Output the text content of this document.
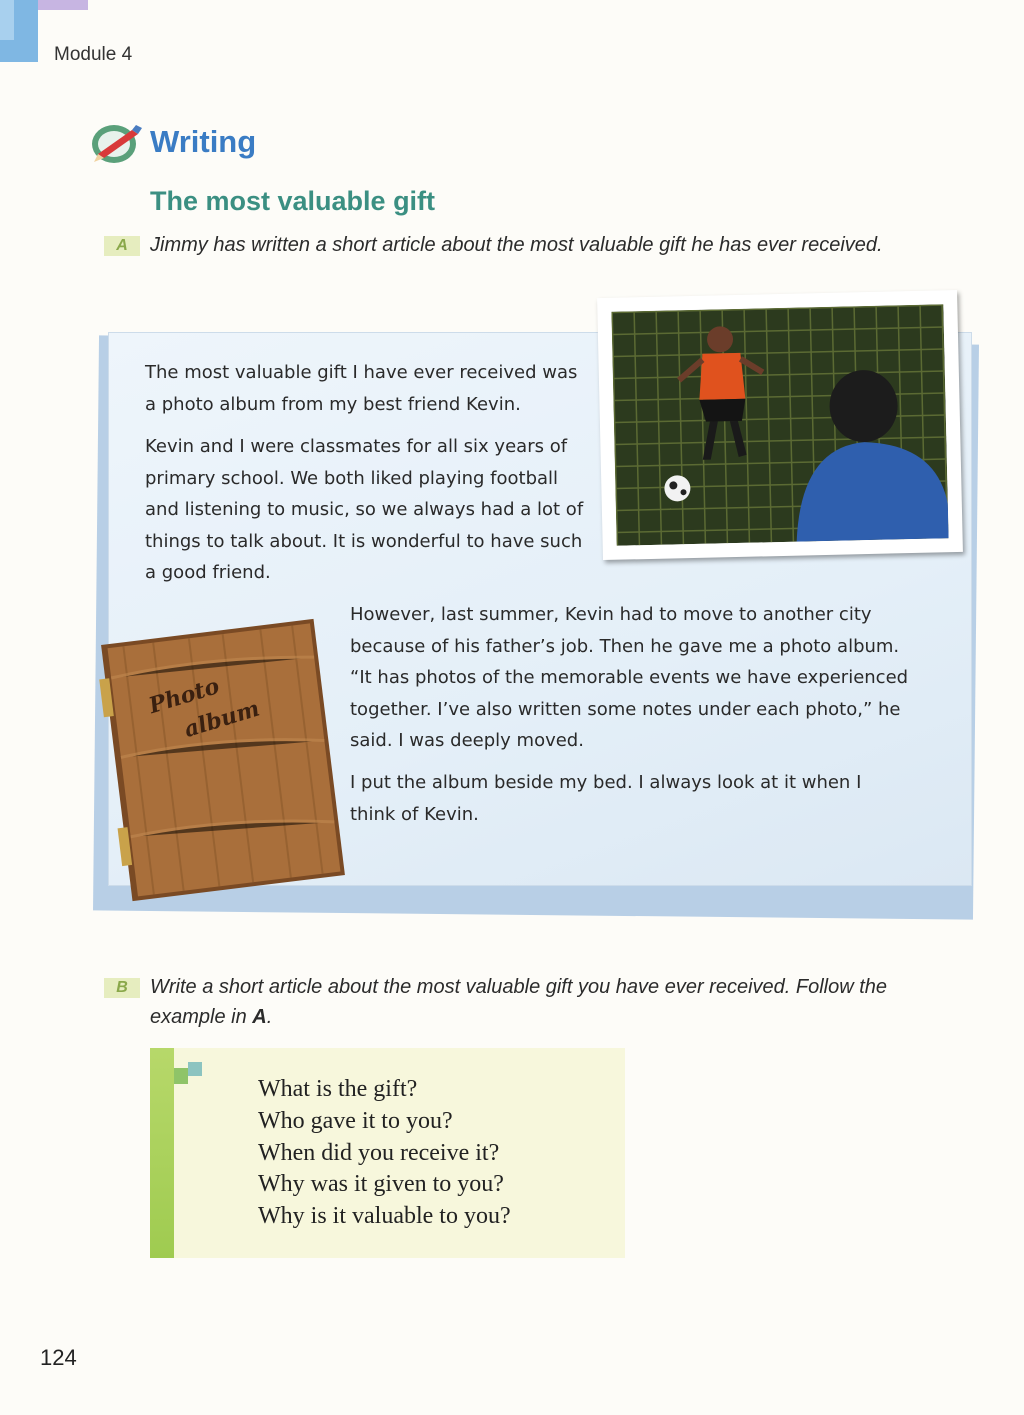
Module 4
Writing
The most valuable gift
A	Jimmy has written a short article about the most valuable gift he has ever received.
The most valuable gift I have ever received was
a photo album from my best friend Kevin.
Kevin and I were classmates for all six years of
primary school. We both liked playing football
and listening to music, so we always had a lot of
things to talk about. It is wonderful to have such
a good friend.
However, last summer, Kevin had to move to another city
because of his father’s job. Then he gave me a photo album.
“It has photos of the memorable events we have experienced
together. I’ve also written some notes under each photo,” he
said. I was deeply moved.
I put the album beside my bed. I always look at it when I
think of Kevin.
Photo
album
B	Write a short article about the most valuable gift you have ever received. Follow the
example in A.
What is the gift?
Who gave it to you?
When did you receive it?
Why was it given to you?
Why is it valuable to you?
124
